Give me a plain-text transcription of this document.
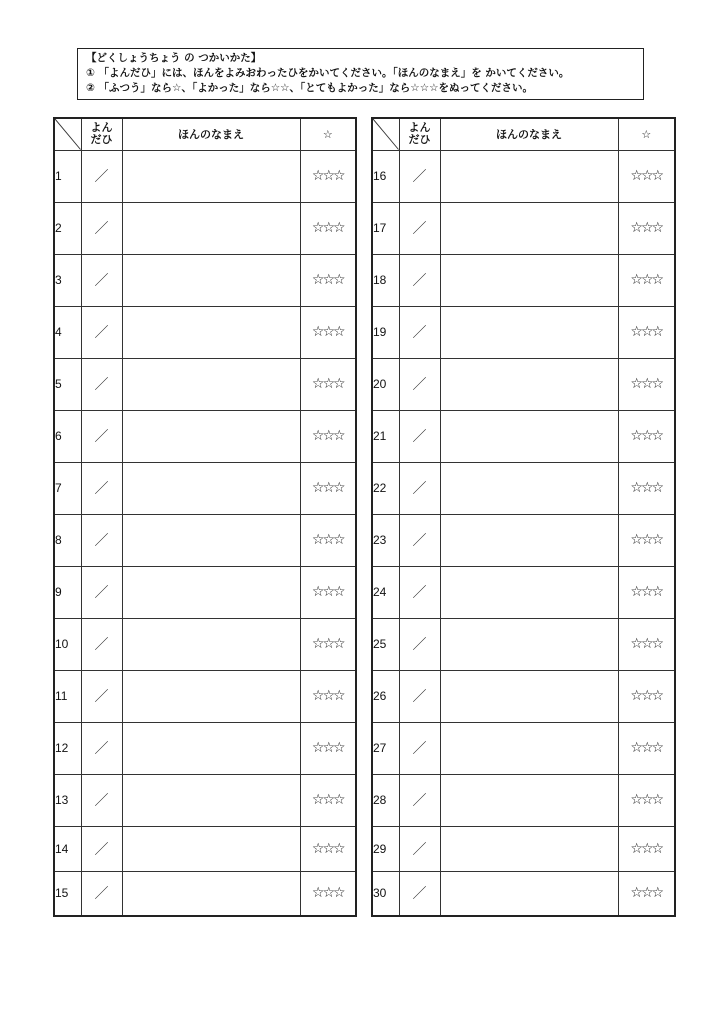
【どくしょうちょう の つかいかた】
① 「よんだひ」には、ほんをよみおわったひをかいてください。「ほんのなまえ」を かいてください。
② 「ふつう」なら☆、「よかった」なら☆☆、「とてもよかった」なら☆☆☆をぬってください。

よん
だひ	ほんのなまえ	☆
1	／		☆☆☆
2	／		☆☆☆
3	／		☆☆☆
4	／		☆☆☆
5	／		☆☆☆
6	／		☆☆☆
7	／		☆☆☆
8	／		☆☆☆
9	／		☆☆☆
10	／		☆☆☆
11	／		☆☆☆
12	／		☆☆☆
13	／		☆☆☆
14	／		☆☆☆
15	／		☆☆☆

よん
だひ	ほんのなまえ	☆
16	／		☆☆☆
17	／		☆☆☆
18	／		☆☆☆
19	／		☆☆☆
20	／		☆☆☆
21	／		☆☆☆
22	／		☆☆☆
23	／		☆☆☆
24	／		☆☆☆
25	／		☆☆☆
26	／		☆☆☆
27	／		☆☆☆
28	／		☆☆☆
29	／		☆☆☆
30	／		☆☆☆
